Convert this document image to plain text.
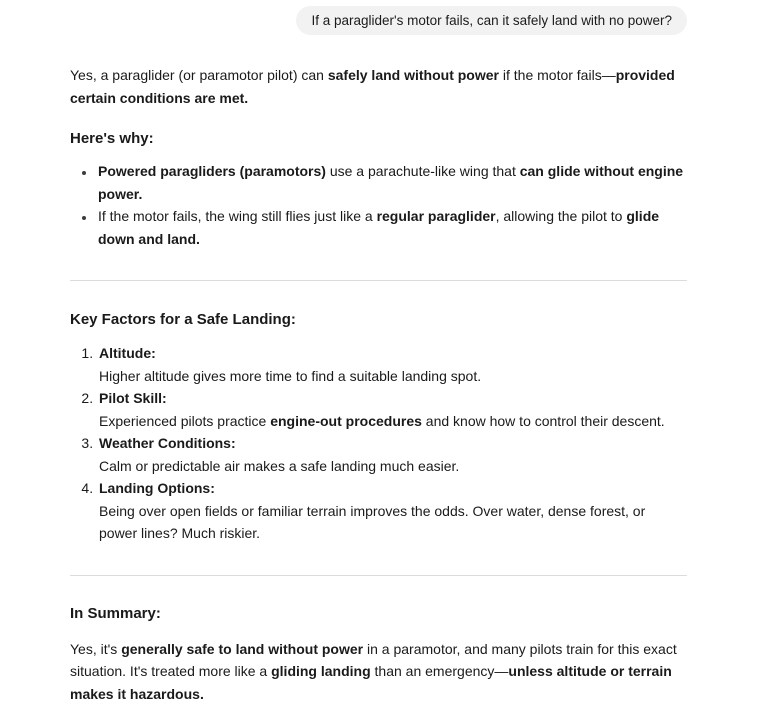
If a paraglider's motor fails, can it safely land with no power?

Yes, a paraglider (or paramotor pilot) can safely land without power if the motor fails—provided certain conditions are met.

Here's why:
• Powered paragliders (paramotors) use a parachute-like wing that can glide without engine power.
• If the motor fails, the wing still flies just like a regular paraglider, allowing the pilot to glide down and land.
Key Factors for a Safe Landing:
1. Altitude:
Higher altitude gives more time to find a suitable landing spot.
2. Pilot Skill:
Experienced pilots practice engine-out procedures and know how to control their descent.
3. Weather Conditions:
Calm or predictable air makes a safe landing much easier.
4. Landing Options:
Being over open fields or familiar terrain improves the odds. Over water, dense forest, or power lines? Much riskier.
In Summary:

Yes, it's generally safe to land without power in a paramotor, and many pilots train for this exact situation. It's treated more like a gliding landing than an emergency—unless altitude or terrain makes it hazardous.
